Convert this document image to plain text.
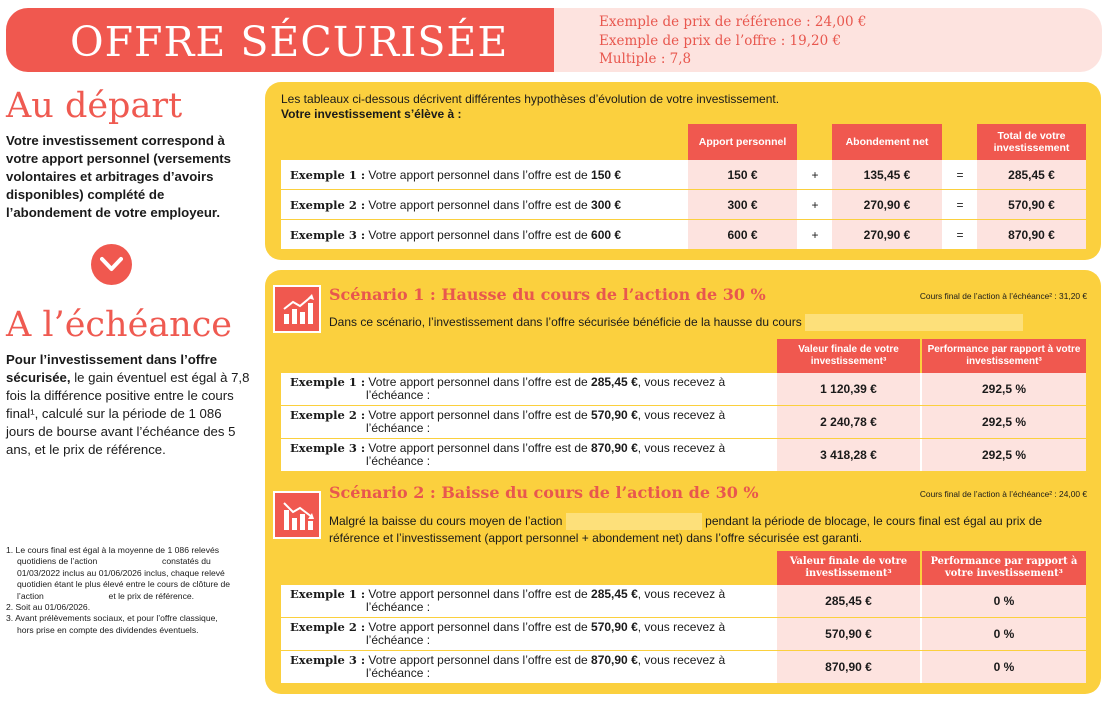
OFFRE SÉCURISÉE	Exemple de prix de référence : 24,00 €
Exemple de prix de l’offre : 19,20 €
Multiple : 7,8
Au départ

Votre investissement correspond à votre apport personnel (versements volontaires et arbitrages d’avoirs disponibles) complété de l’abondement de votre employeur.

A l’échéance

Pour l’investissement dans l’offre sécurisée, le gain éventuel est égal à 7,8 fois la différence positive entre le cours final¹, calculé sur la période de 1 086 jours de bourse avant l’échéance des 5 ans, et le prix de référence.

1. Le cours final est égal à la moyenne de 1 086 relevés quotidiens de l’action	constatés du 01/03/2022 inclus au 01/06/2026 inclus, chaque relevé quotidien étant le plus élevé entre le cours de clôture de l’action	et le prix de référence.
2. Soit au 01/06/2026.
3. Avant prélèvements sociaux, et pour l’offre classique, hors prise en compte des dividendes éventuels.
Les tableaux ci-dessous décrivent différentes hypothèses d’évolution de votre investissement.
Votre investissement s’élève à :
Apport personnel	Abondement net	Total de votre investissement
Exemple 1 : Votre apport personnel dans l’offre est de 150 €	150 €	+	135,45 €	=	285,45 €
Exemple 2 : Votre apport personnel dans l’offre est de 300 €	300 €	+	270,90 €	=	570,90 €
Exemple 3 : Votre apport personnel dans l’offre est de 600 €	600 €	+	270,90 €	=	870,90 €
Scénario 1 : Hausse du cours de l’action de 30 %	Cours final de l’action à l’échéance² : 31,20 €
Dans ce scénario, l’investissement dans l’offre sécurisée bénéficie de la hausse du cours
Valeur finale de votre investissement³
Performance par rapport à votre investissement³
Exemple 1 : Votre apport personnel dans l’offre est de 285,45 €, vous recevez à
l’échéance :	1 120,39 €	292,5 %
Exemple 2 : Votre apport personnel dans l’offre est de 570,90 €, vous recevez à
l’échéance :	2 240,78 €	292,5 %
Exemple 3 : Votre apport personnel dans l’offre est de 870,90 €, vous recevez à
l’échéance :	3 418,28 €	292,5 %
Scénario 2 : Baisse du cours de l’action de 30 %	Cours final de l’action à l’échéance² : 24,00 €
Malgré la baisse du cours moyen de l’action	pendant la période de blocage, le cours final est égal au prix de référence et l’investissement (apport personnel + abondement net) dans l’offre sécurisée est garanti.
Valeur finale de votre investissement³
Performance par rapport à votre investissement³
Exemple 1 : Votre apport personnel dans l’offre est de 285,45 €, vous recevez à
l’échéance :	285,45 €	0 %
Exemple 2 : Votre apport personnel dans l’offre est de 570,90 €, vous recevez à
l’échéance :	570,90 €	0 %
Exemple 3 : Votre apport personnel dans l’offre est de 870,90 €, vous recevez à
l’échéance :	870,90 €	0 %
